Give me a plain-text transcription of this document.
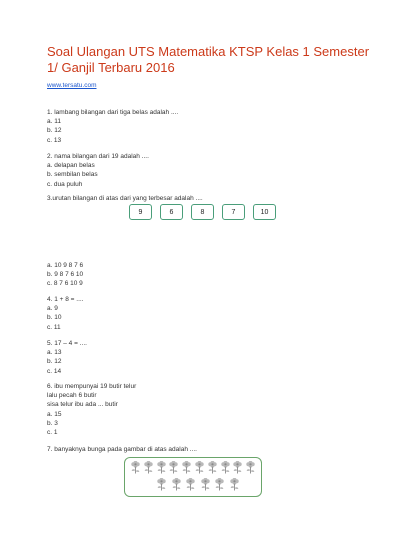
Soal Ulangan UTS Matematika KTSP Kelas 1 Semester 1/ Ganjil Terbaru 2016
www.tersatu.com
1. lambang bilangan dari tiga belas adalah ....
a. 11
b. 12
c. 13
2. nama bilangan dari 19 adalah ....
a. delapan belas
b. sembilan belas
c. dua puluh
3.urutan bilangan di atas dari yang terbesar adalah ....
9	6	8	7	10
a. 10 9 8 7 6
b. 9 8 7 6 10
c. 8 7 6 10 9
4. 1 + 8 = ....
a. 9
b. 10
c. 11
5. 17 – 4 = ....
a. 13
b. 12
c. 14
6. ibu mempunyai 19 butir telur
lalu pecah 6 butir
sisa telur ibu ada ... butir
a. 15
b. 3
c. 1
7. banyaknya bunga pada gambar di atas adalah ....
